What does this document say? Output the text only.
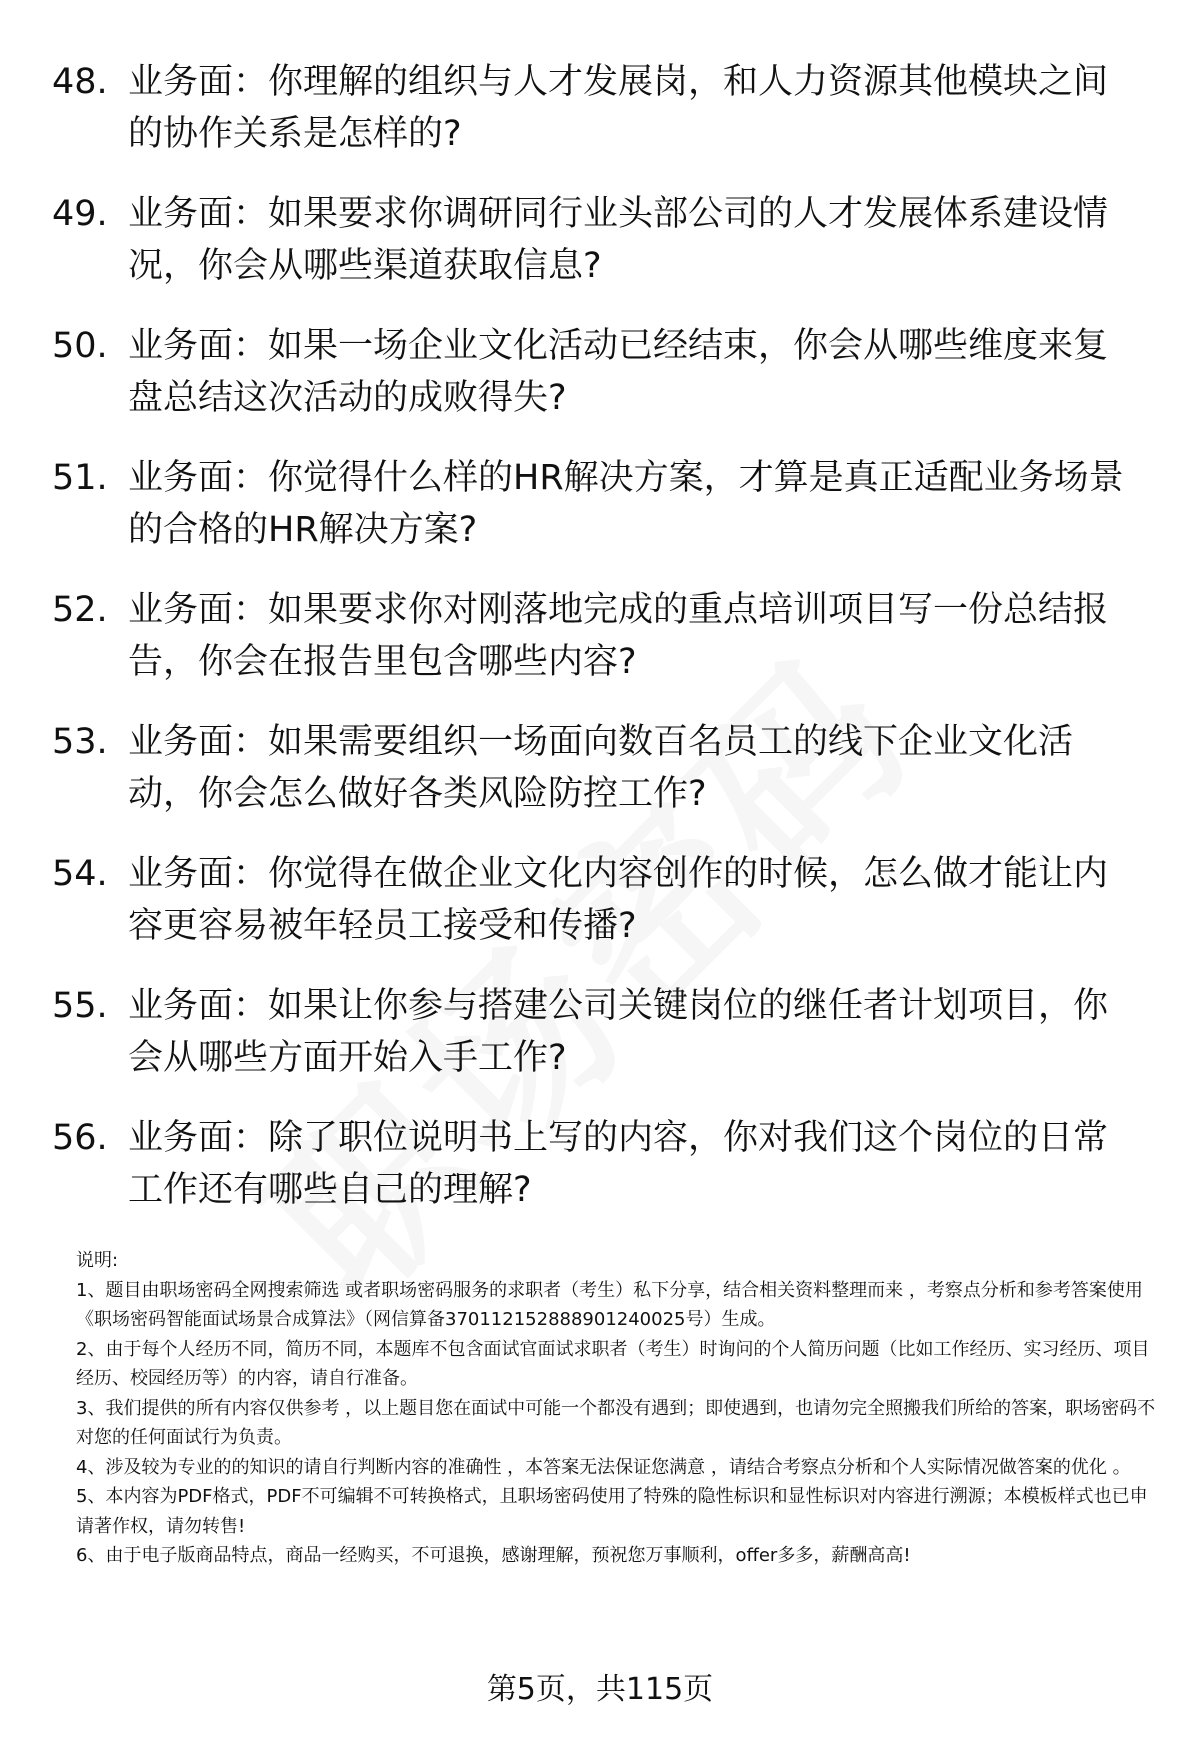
48. 业务面：你理解的组织与人才发展岗，和人力资源其他模块之间的协作关系是怎样的?
49. 业务面：如果要求你调研同行业头部公司的人才发展体系建设情况，你会从哪些渠道获取信息?
50. 业务面：如果一场企业文化活动已经结束，你会从哪些维度来复盘总结这次活动的成败得失?
51. 业务面：你觉得什么样的HR解决方案，才算是真正适配业务场景的合格的HR解决方案?
52. 业务面：如果要求你对刚落地完成的重点培训项目写一份总结报告，你会在报告里包含哪些内容?
53. 业务面：如果需要组织一场面向数百名员工的线下企业文化活动，你会怎么做好各类风险防控工作?
54. 业务面：你觉得在做企业文化内容创作的时候，怎么做才能让内容更容易被年轻员工接受和传播?
55. 业务面：如果让你参与搭建公司关键岗位的继任者计划项目，你会从哪些方面开始入手工作?
56. 业务面：除了职位说明书上写的内容，你对我们这个岗位的日常工作还有哪些自己的理解?

说明:

1、题目由职场密码全网搜索筛选 或者职场密码服务的求职者（考生）私下分享，结合相关资料整理而来 ，考察点分析和参考答案使用《职场密码智能面试场景合成算法》（网信算备370112152888901240025号）生成。

2、由于每个人经历不同，简历不同，本题库不包含面试官面试求职者（考生）时询问的个人简历问题（比如工作经历、实习经历、项目经历、校园经历等）的内容，请自行准备。

3、我们提供的所有内容仅供参考 ，以上题目您在面试中可能一个都没有遇到；即使遇到，也请勿完全照搬我们所给的答案，职场密码不对您的任何面试行为负责。

4、涉及较为专业的的知识的请自行判断内容的准确性 ，本答案无法保证您满意 ，请结合考察点分析和个人实际情况做答案的优化 。

5、本内容为PDF格式，PDF不可编辑不可转换格式，且职场密码使用了特殊的隐性标识和显性标识对内容进行溯源；本模板样式也已申请著作权，请勿转售!

6、由于电子版商品特点，商品一经购买，不可退换，感谢理解，预祝您万事顺利，offer多多，薪酬高高!

第5页，共115页
